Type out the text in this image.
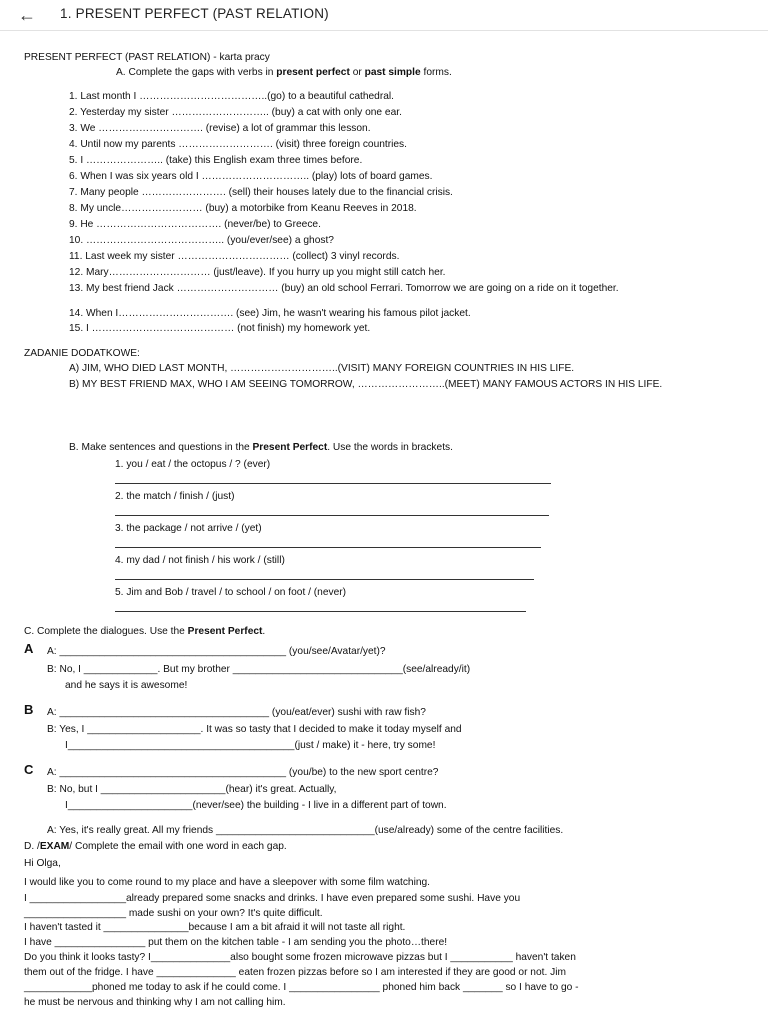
← 1. PRESENT PERFECT (PAST RELATION)
PRESENT PERFECT (PAST RELATION) - karta pracy
A. Complete the gaps with verbs in present perfect or past simple forms.
1. Last month I ………………………………..(go) to a beautiful cathedral.
2. Yesterday my sister ……………………….. (buy) a cat with only one ear.
3. We …………………………. (revise) a lot of grammar this lesson.
4. Until now my parents ………………………. (visit) three foreign countries.
5. I ………………….. (take) this English exam three times before.
6. When I was six years old I ………………………….. (play) lots of board games.
7. Many people ……………………. (sell) their houses lately due to the financial crisis.
8. My uncle…………………… (buy) a motorbike from Keanu Reeves in 2018.
9. He ………………………………. (never/be) to Greece.
10. ………………………………….. (you/ever/see) a ghost?
11. Last week my sister …………………………… (collect) 3 vinyl records.
12. Mary………………………… (just/leave). If you hurry up you might still catch her.
13. My best friend Jack ………………………… (buy) an old school Ferrari. Tomorrow we are going on a ride on it together.
14. When I……………………………. (see) Jim, he wasn't wearing his famous pilot jacket.
15. I …………………………………… (not finish) my homework yet.
ZADANIE DODATKOWE:
A) JIM, WHO DIED LAST MONTH, …………………………..(VISIT) MANY FOREIGN COUNTRIES IN HIS LIFE.
B) MY BEST FRIEND MAX, WHO I AM SEEING TOMORROW, ……………………..(MEET) MANY FAMOUS ACTORS IN HIS LIFE.
B. Make sentences and questions in the Present Perfect. Use the words in brackets.
1. you / eat / the octopus / ? (ever)
2. the match / finish / (just)
3. the package / not arrive / (yet)
4. my dad / not finish / his work / (still)
5. Jim and Bob / travel / to school / on foot / (never)
C. Complete the dialogues. Use the Present Perfect.
A A: ________________________________________ (you/see/Avatar/yet)?
B: No, I _____________. But my brother ______________________________(see/already/it)
and he says it is awesome!
B A: _____________________________________ (you/eat/ever) sushi with raw fish?
B: Yes, I ____________________. It was so tasty that I decided to make it today myself and
I________________________________________(just / make) it - here, try some!
C A: ________________________________________ (you/be) to the new sport centre?
B: No, but I ______________________(hear) it's great. Actually,
I______________________(never/see) the building - I live in a different part of town.
A: Yes, it's really great. All my friends ____________________________(use/already) some of the centre facilities.
D. /EXAM/ Complete the email with one word in each gap.
Hi Olga,
I would like you to come round to my place and have a sleepover with some film watching.
I _________________already prepared some snacks and drinks. I have even prepared some sushi. Have you
__________________ made sushi on your own? It's quite difficult.
I haven't tasted it _______________because I am a bit afraid it will not taste all right.
I have ________________ put them on the kitchen table - I am sending you the photo…there!
Do you think it looks tasty? I______________also bought some frozen microwave pizzas but I ___________ haven't taken
them out of the fridge. I have ______________ eaten frozen pizzas before so I am interested if they are good or not. Jim
____________phoned me today to ask if he could come. I ________________ phoned him back _______ so I have to go -
he must be nervous and thinking why I am not calling him.
